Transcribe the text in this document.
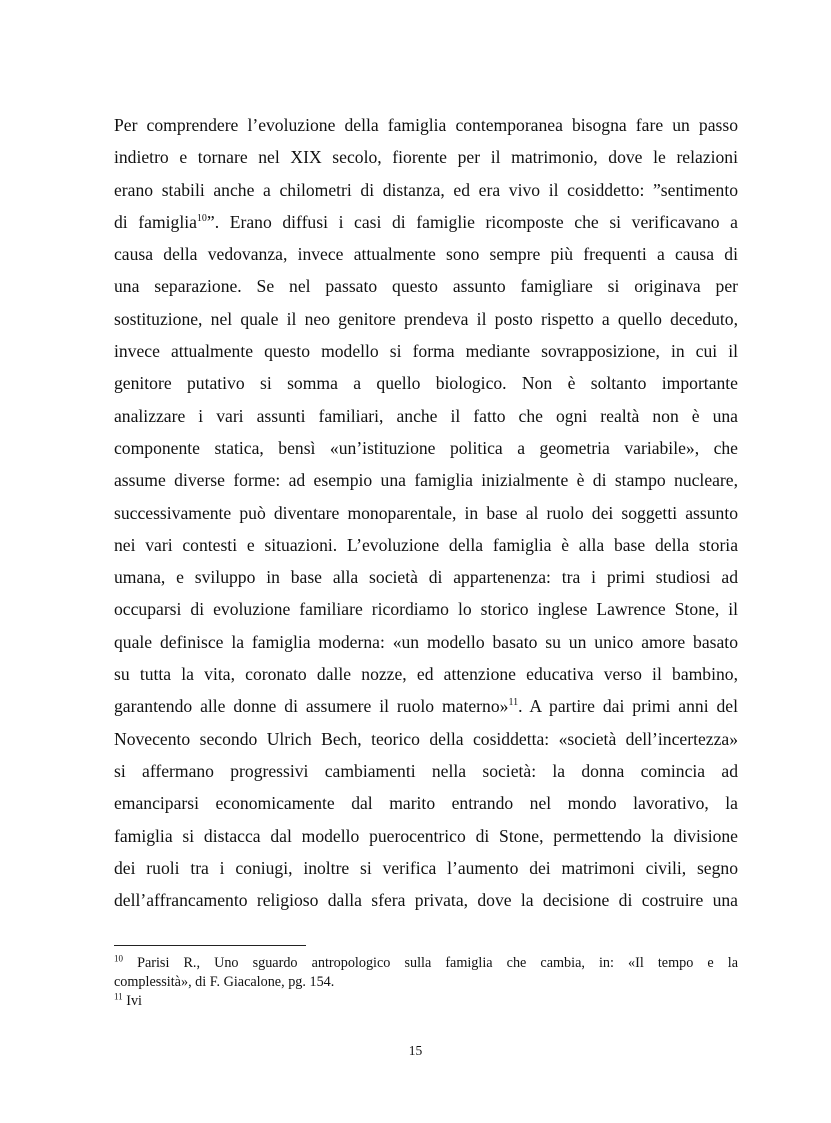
Per comprendere l’evoluzione della famiglia contemporanea bisogna fare un passo
indietro e tornare nel XIX secolo, fiorente per il matrimonio, dove le relazioni
erano stabili anche a chilometri di distanza, ed era vivo il cosiddetto: ”sentimento
di famiglia$^{10}$”. Erano diffusi i casi di famiglie ricomposte che si verificavano a
causa della vedovanza, invece attualmente sono sempre più frequenti a causa di
una separazione. Se nel passato questo assunto famigliare si originava per
sostituzione, nel quale il neo genitore prendeva il posto rispetto a quello deceduto,
invece attualmente questo modello si forma mediante sovrapposizione, in cui il
genitore putativo si somma a quello biologico. Non è soltanto importante
analizzare i vari assunti familiari, anche il fatto che ogni realtà non è una
componente statica, bensì «un’istituzione politica a geometria variabile», che
assume diverse forme: ad esempio una famiglia inizialmente è di stampo nucleare,
successivamente può diventare monoparentale, in base al ruolo dei soggetti assunto
nei vari contesti e situazioni. L’evoluzione della famiglia è alla base della storia
umana, e sviluppo in base alla società di appartenenza: tra i primi studiosi ad
occuparsi di evoluzione familiare ricordiamo lo storico inglese Lawrence Stone, il
quale definisce la famiglia moderna: «un modello basato su un unico amore basato
su tutta la vita, coronato dalle nozze, ed attenzione educativa verso il bambino,
garantendo alle donne di assumere il ruolo materno»$^{11}$. A partire dai primi anni del
Novecento secondo Ulrich Bech, teorico della cosiddetta: «società dell’incertezza»
si affermano progressivi cambiamenti nella società: la donna comincia ad
emanciparsi economicamente dal marito entrando nel mondo lavorativo, la
famiglia si distacca dal modello puerocentrico di Stone, permettendo la divisione
dei ruoli tra i coniugi, inoltre si verifica l’aumento dei matrimoni civili, segno
dell’affrancamento religioso dalla sfera privata, dove la decisione di costruire una

$^{10}$ Parisi R., Uno sguardo antropologico sulla famiglia che cambia, in: «Il tempo e la
complessità», di F. Giacalone, pg. 154.

$^{11}$ Ivi

15
